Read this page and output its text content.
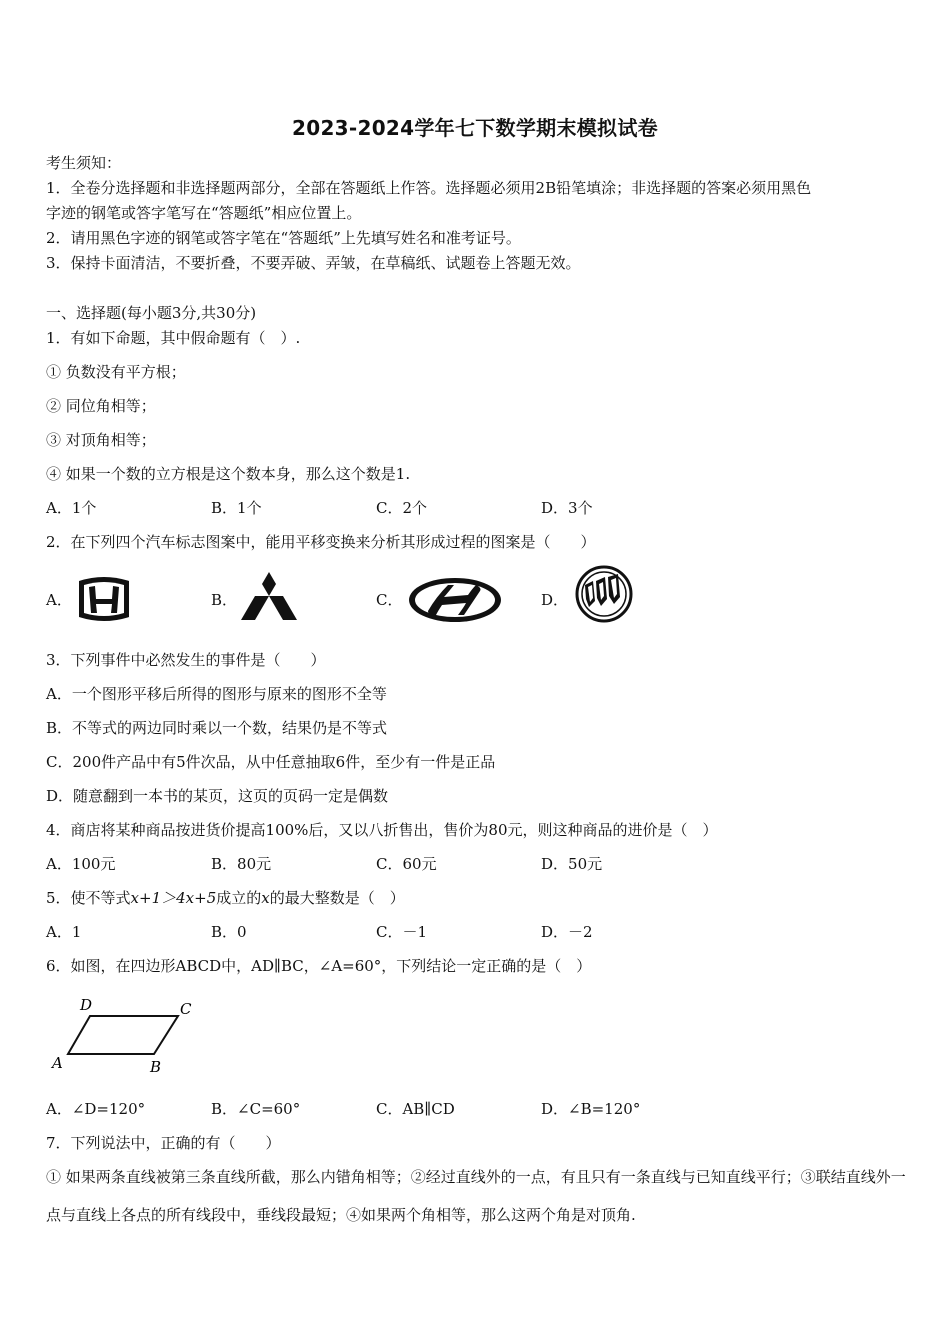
2023-2024学年七下数学期末模拟试卷
考生须知：
1．全卷分选择题和非选择题两部分，全部在答题纸上作答。选择题必须用2B铅笔填涂；非选择题的答案必须用黑色
字迹的钢笔或答字笔写在“答题纸”相应位置上。
2．请用黑色字迹的钢笔或答字笔在“答题纸”上先填写姓名和准考证号。
3．保持卡面清洁，不要折叠，不要弄破、弄皱，在草稿纸、试题卷上答题无效。
一、选择题(每小题3分,共30分)
1．有如下命题，其中假命题有（　）.
① 负数没有平方根；
② 同位角相等；
③ 对顶角相等；
④ 如果一个数的立方根是这个数本身，那么这个数是1.
A．1个	B．1个	C．2个	D．3个
2．在下列四个汽车标志图案中，能用平移变换来分析其形成过程的图案是（　　）
A．	B．	C．	D．
3．下列事件中必然发生的事件是（　　）
A．一个图形平移后所得的图形与原来的图形不全等
B．不等式的两边同时乘以一个数，结果仍是不等式
C．200件产品中有5件次品，从中任意抽取6件，至少有一件是正品
D．随意翻到一本书的某页，这页的页码一定是偶数
4．商店将某种商品按进货价提高100%后，又以八折售出，售价为80元，则这种商品的进价是（　）
A．100元	B．80元	C．60元	D．50元
5．使不等式x+1＞4x+5成立的x的最大整数是（　）
A．1	B．0	C．－1	D．－2
6．如图，在四边形ABCD中，AD∥BC，∠A=60°，下列结论一定正确的是（　）
D	C
A	B
A．∠D=120°	B．∠C=60°	C．AB∥CD	D．∠B=120°
7．下列说法中，正确的有（　　）
① 如果两条直线被第三条直线所截，那么内错角相等；②经过直线外的一点，有且只有一条直线与已知直线平行；③联结直线外一点与直线上各点的所有线段中，垂线段最短；④如果两个角相等，那么这两个角是对顶角.
